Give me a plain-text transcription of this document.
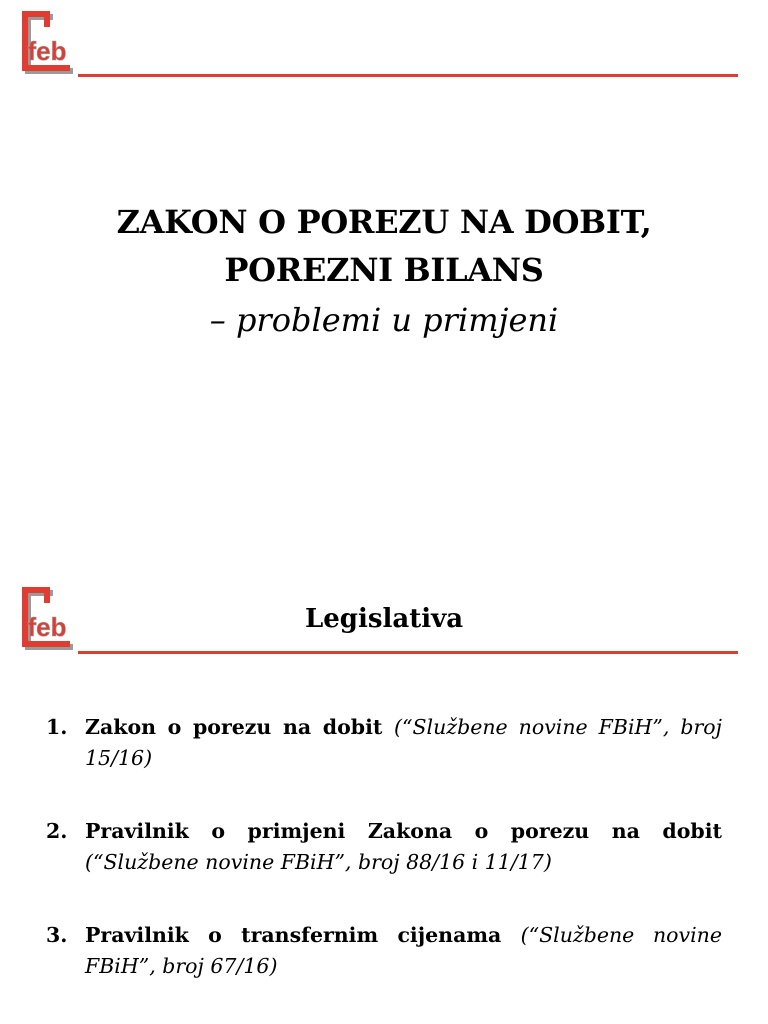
feb
ZAKON O POREZU NA DOBIT,
POREZNI BILANS
– problemi u primjeni
feb	Legislativa
1. Zakon o porezu na dobit (“Službene novine FBiH”, broj 15/16)
2. Pravilnik o primjeni Zakona o porezu na dobit (“Službene novine FBiH”, broj 88/16 i 11/17)
3. Pravilnik o transfernim cijenama (“Službene novine FBiH”, broj 67/16)
